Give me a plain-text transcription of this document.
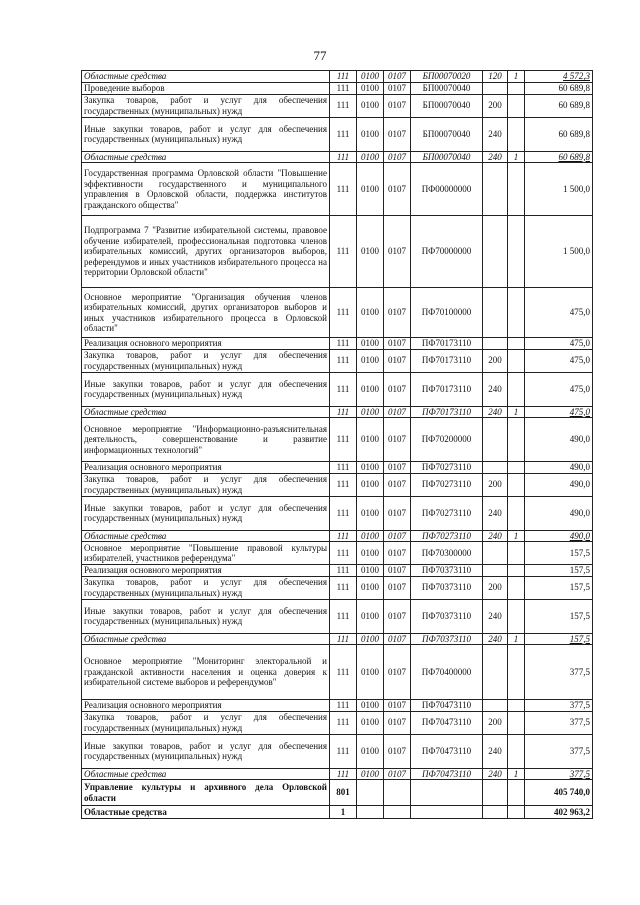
77
Областные средства	111	0100	0107	БП00070020	120	1	4 572,3
Проведение выборов	111	0100	0107	БП00070040			60 689,8
Закупка товаров, работ и услуг для обеспечения государственных (муниципальных) нужд	111	0100	0107	БП00070040	200		60 689,8
Иные закупки товаров, работ и услуг для обеспечения государственных (муниципальных) нужд	111	0100	0107	БП00070040	240		60 689,8
Областные средства	111	0100	0107	БП00070040	240	1	60 689,8
Государственная программа Орловской области "Повышение эффективности государственного и муниципального управления в Орловской области, поддержка институтов гражданского общества"	111	0100	0107	ПФ00000000			1 500,0
Подпрограмма 7 "Развитие избирательной системы, правовое обучение избирателей, профессиональная подготовка членов избирательных комиссий, других организаторов выборов, референдумов и иных участников избирательного процесса на территории Орловской области"	111	0100	0107	ПФ70000000			1 500,0
Основное мероприятие "Организация обучения членов избирательных комиссий, других организаторов выборов и иных участников избирательного процесса в Орловской области"	111	0100	0107	ПФ70100000			475,0
Реализация основного мероприятия	111	0100	0107	ПФ70173110			475,0
Закупка товаров, работ и услуг для обеспечения государственных (муниципальных) нужд	111	0100	0107	ПФ70173110	200		475,0
Иные закупки товаров, работ и услуг для обеспечения государственных (муниципальных) нужд	111	0100	0107	ПФ70173110	240		475,0
Областные средства	111	0100	0107	ПФ70173110	240	1	475,0
Основное мероприятие "Информационно-разъяснительная деятельность, совершенствование и развитие информационных технологий"	111	0100	0107	ПФ70200000			490,0
Реализация основного мероприятия	111	0100	0107	ПФ70273110			490,0
Закупка товаров, работ и услуг для обеспечения государственных (муниципальных) нужд	111	0100	0107	ПФ70273110	200		490,0
Иные закупки товаров, работ и услуг для обеспечения государственных (муниципальных) нужд	111	0100	0107	ПФ70273110	240		490,0
Областные средства	111	0100	0107	ПФ70273110	240	1	490,0
Основное мероприятие "Повышение правовой культуры избирателей, участников референдума"	111	0100	0107	ПФ70300000			157,5
Реализация основного мероприятия	111	0100	0107	ПФ70373110			157,5
Закупка товаров, работ и услуг для обеспечения государственных (муниципальных) нужд	111	0100	0107	ПФ70373110	200		157,5
Иные закупки товаров, работ и услуг для обеспечения государственных (муниципальных) нужд	111	0100	0107	ПФ70373110	240		157,5
Областные средства	111	0100	0107	ПФ70373110	240	1	157,5
Основное мероприятие "Мониторинг электоральной и гражданской активности населения и оценка доверия к избирательной системе выборов и референдумов"	111	0100	0107	ПФ70400000			377,5
Реализация основного мероприятия	111	0100	0107	ПФ70473110			377,5
Закупка товаров, работ и услуг для обеспечения государственных (муниципальных) нужд	111	0100	0107	ПФ70473110	200		377,5
Иные закупки товаров, работ и услуг для обеспечения государственных (муниципальных) нужд	111	0100	0107	ПФ70473110	240		377,5
Областные средства	111	0100	0107	ПФ70473110	240	1	377,5
Управление культуры и архивного дела Орловской области	801						405 740,0
Областные средства	1						402 963,2
